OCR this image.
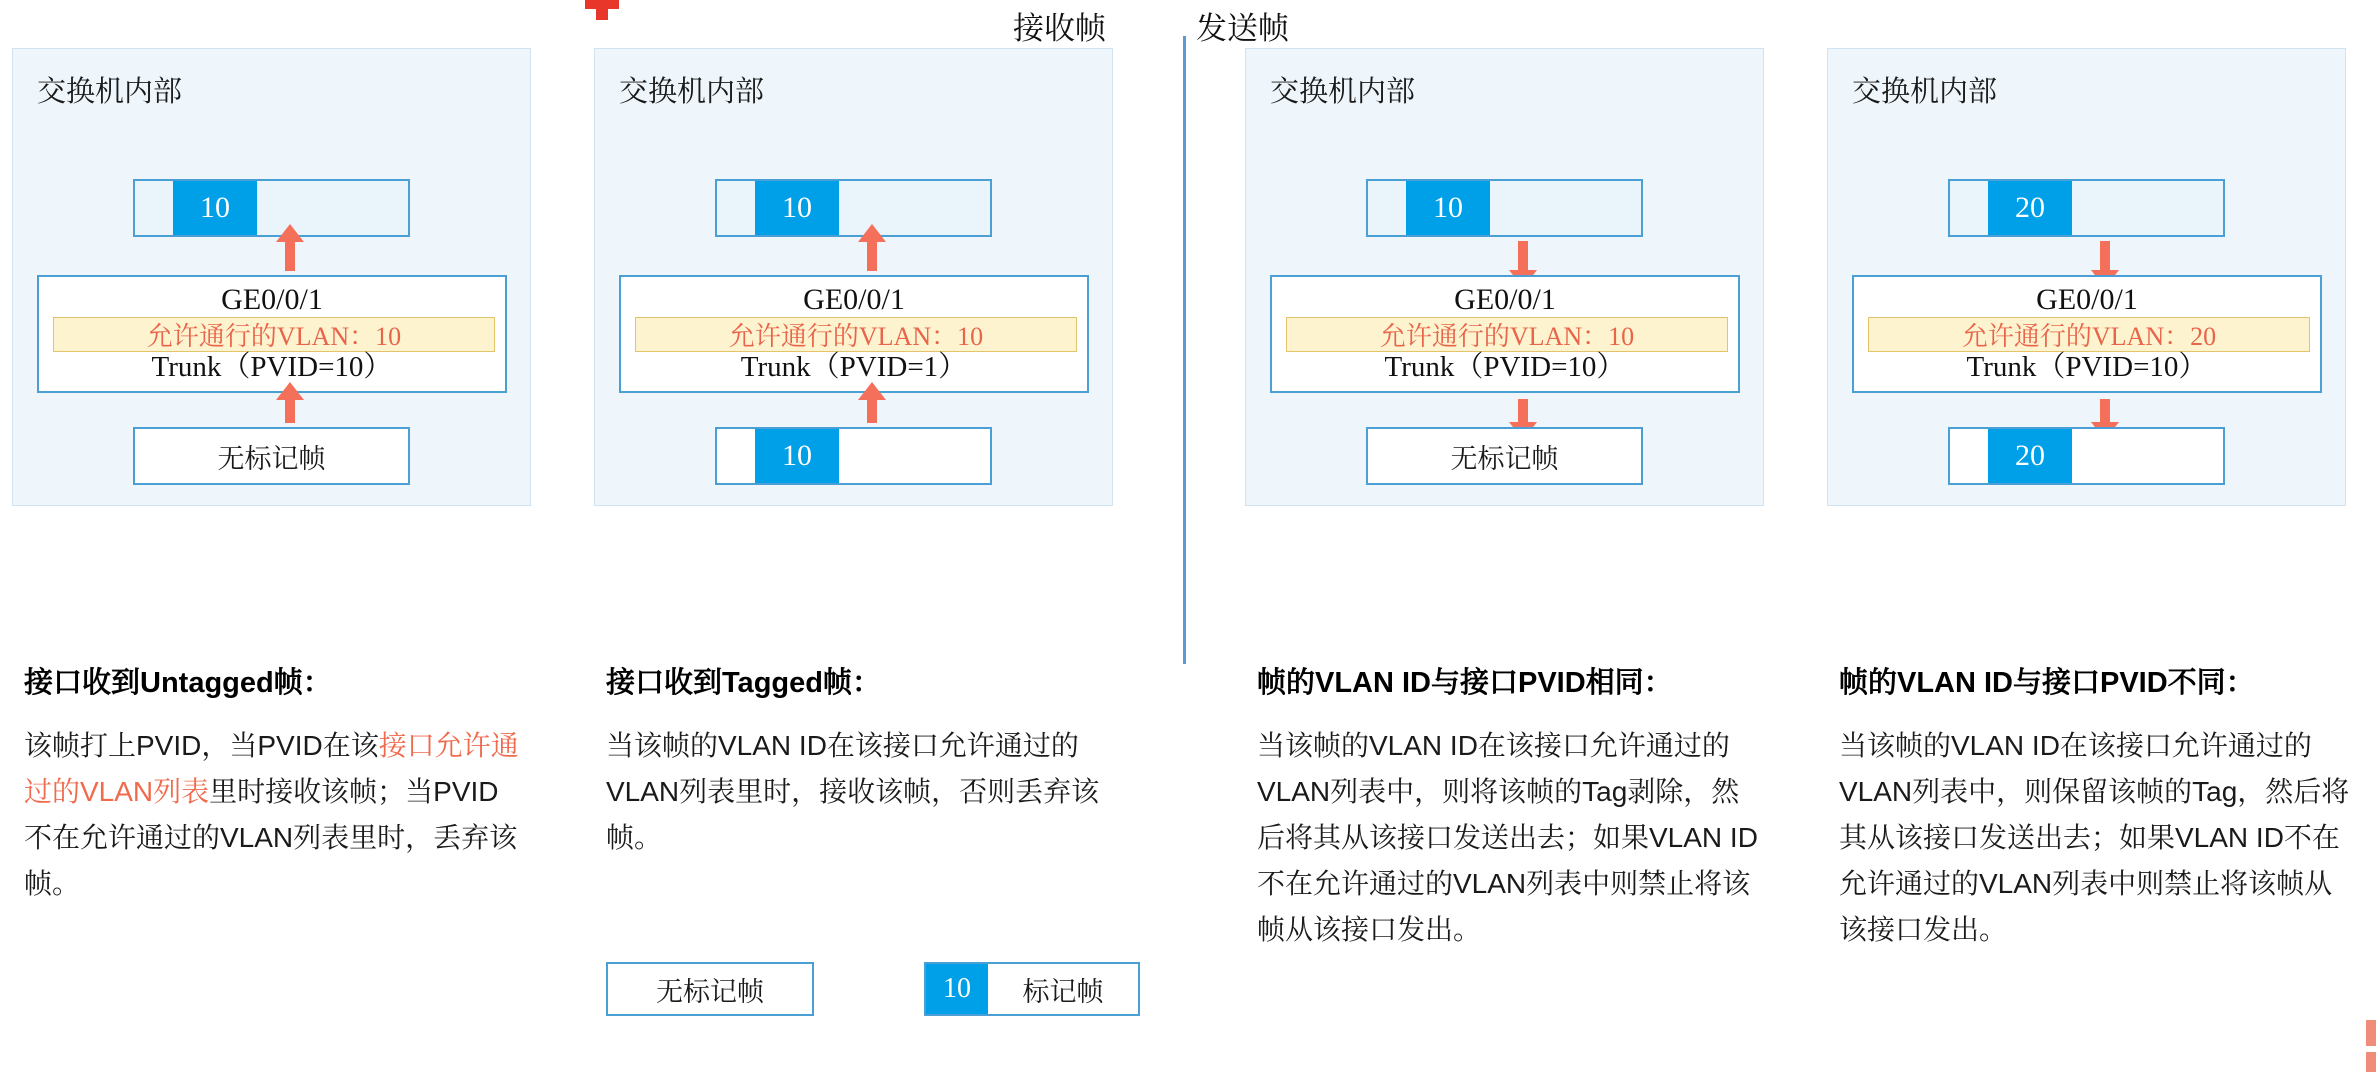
接收帧	发送帧
交换机内部
10
GE0/0/1
允许通行的VLAN：10
Trunk（PVID=10）
无标记帧
交换机内部
10
GE0/0/1
允许通行的VLAN：10
Trunk（PVID=1）
10
交换机内部
10
GE0/0/1
允许通行的VLAN：10
Trunk（PVID=10）
无标记帧
交换机内部
20
GE0/0/1
允许通行的VLAN：20
Trunk（PVID=10）
20
接口收到Untagged帧：
该帧打上PVID，当PVID在该接口允许通过的VLAN列表里时接收该帧；当PVID不在允许通过的VLAN列表里时，丢弃该帧。
接口收到Tagged帧：
当该帧的VLAN ID在该接口允许通过的VLAN列表里时，接收该帧，否则丢弃该帧。
帧的VLAN ID与接口PVID相同：
当该帧的VLAN ID在该接口允许通过的VLAN列表中，则将该帧的Tag剥除，然后将其从该接口发送出去；如果VLAN ID不在允许通过的VLAN列表中则禁止将该帧从该接口发出。
帧的VLAN ID与接口PVID不同：
当该帧的VLAN ID在该接口允许通过的VLAN列表中，则保留该帧的Tag，然后将其从该接口发送出去；如果VLAN ID不在允许通过的VLAN列表中则禁止将该帧从该接口发出。
无标记帧	10	标记帧
